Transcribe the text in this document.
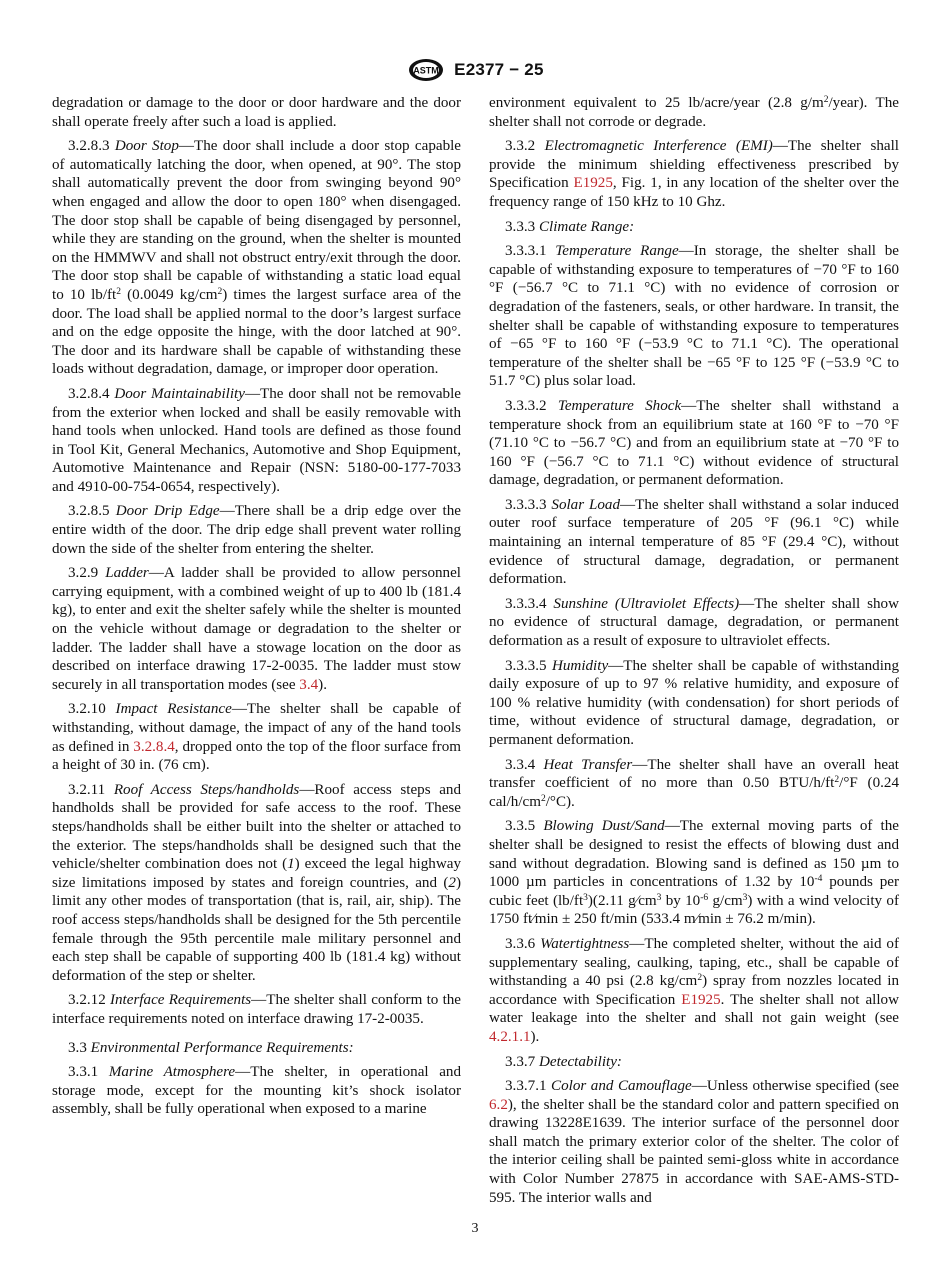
ASTM E2377 − 25

degradation or damage to the door or door hardware and the door shall operate freely after such a load is applied.

3.2.8.3 Door Stop—The door shall include a door stop capable of automatically latching the door, when opened, at 90°. The stop shall automatically prevent the door from swinging beyond 90° when engaged and allow the door to open 180° when disengaged. The door stop shall be capable of being disengaged by personnel, while they are standing on the ground, when the shelter is mounted on the HMMWV and shall not obstruct entry/exit through the door. The door stop shall be capable of withstanding a static load equal to 10 $lb/ft^2$ (0.0049 $kg/cm^2$) times the largest surface area of the door. The load shall be applied normal to the door’s largest surface and on the edge opposite the hinge, with the door latched at 90°. The door and its hardware shall be capable of withstanding these loads without degradation, damage, or improper door operation.

3.2.8.4 Door Maintainability—The door shall not be removable from the exterior when locked and shall be easily removable with hand tools when unlocked. Hand tools are defined as those found in Tool Kit, General Mechanics, Automotive and Shop Equipment, Automotive Maintenance and Repair (NSN: 5180-00-177-7033 and 4910-00-754-0654, respectively).

3.2.8.5 Door Drip Edge—There shall be a drip edge over the entire width of the door. The drip edge shall prevent water rolling down the side of the shelter from entering the shelter.

3.2.9 Ladder—A ladder shall be provided to allow personnel carrying equipment, with a combined weight of up to 400 lb (181.4 kg), to enter and exit the shelter safely while the shelter is mounted on the vehicle without damage or degradation to the shelter or ladder. The ladder shall have a stowage location on the door as described on interface drawing 17-2-0035. The ladder must stow securely in all transportation modes (see 3.4).

3.2.10 Impact Resistance—The shelter shall be capable of withstanding, without damage, the impact of any of the hand tools as defined in 3.2.8.4, dropped onto the top of the floor surface from a height of 30 in. (76 cm).

3.2.11 Roof Access Steps/handholds—Roof access steps and handholds shall be provided for safe access to the roof. These steps/handholds shall be either built into the shelter or attached to the exterior. The steps/handholds shall be designed such that the vehicle/shelter combination does not (1) exceed the legal highway size limitations imposed by states and foreign countries, and (2) limit any other modes of transportation (that is, rail, air, ship). The roof access steps/handholds shall be designed for the 5th percentile female through the 95th percentile male military personnel and each step shall be capable of supporting 400 lb (181.4 kg) without deformation of the step or shelter.

3.2.12 Interface Requirements—The shelter shall conform to the interface requirements noted on interface drawing 17-2-0035.

3.3 Environmental Performance Requirements:

3.3.1 Marine Atmosphere—The shelter, in operational and storage mode, except for the mounting kit’s shock isolator assembly, shall be fully operational when exposed to a marine

environment equivalent to 25 lb/acre/year (2.8 $g/m^2/year$). The shelter shall not corrode or degrade.

3.3.2 Electromagnetic Interference (EMI)—The shelter shall provide the minimum shielding effectiveness prescribed by Specification E1925, Fig. 1, in any location of the shelter over the frequency range of 150 kHz to 10 Ghz.

3.3.3 Climate Range:

3.3.3.1 Temperature Range—In storage, the shelter shall be capable of withstanding exposure to temperatures of −70 °F to 160 °F (−56.7 °C to 71.1 °C) with no evidence of corrosion or degradation of the fasteners, seals, or other hardware. In transit, the shelter shall be capable of withstanding exposure to temperatures of −65 °F to 160 °F (−53.9 °C to 71.1 °C). The operational temperature of the shelter shall be −65 °F to 125 °F (−53.9 °C to 51.7 °C) plus solar load.

3.3.3.2 Temperature Shock—The shelter shall withstand a temperature shock from an equilibrium state at 160 °F to −70 °F (71.10 °C to −56.7 °C) and from an equilibrium state at −70 °F to 160 °F (−56.7 °C to 71.1 °C) without evidence of structural damage, degradation, or permanent deformation.

3.3.3.3 Solar Load—The shelter shall withstand a solar induced outer roof surface temperature of 205 °F (96.1 °C) while maintaining an internal temperature of 85 °F (29.4 °C), without evidence of structural damage, degradation, or permanent deformation.

3.3.3.4 Sunshine (Ultraviolet Effects)—The shelter shall show no evidence of structural damage, degradation, or permanent deformation as a result of exposure to ultraviolet effects.

3.3.3.5 Humidity—The shelter shall be capable of withstanding daily exposure of up to 97 % relative humidity, and exposure of 100 % relative humidity (with condensation) for short periods of time, without evidence of structural damage, degradation, or permanent deformation.

3.3.4 Heat Transfer—The shelter shall have an overall heat transfer coefficient of no more than 0.50 BTU/$h/ft^2/^\circ F$ (0.24 cal/$h/cm^2/^\circ C$).

3.3.5 Blowing Dust/Sand—The external moving parts of the shelter shall be designed to resist the effects of blowing dust and sand without degradation. Blowing sand is defined as 150 µm to 1000 µm particles in concentrations of 1.32 by $10^{-4}$ pounds per cubic feet $(lb/ft^3)(2.11$ $g⁄cm^3$ by $10^{-6}$ $g/cm^3$) with a wind velocity of 1750 ft⁄min ± 250 ft/min (533.4 m⁄min ± 76.2 m/min).

3.3.6 Watertightness—The completed shelter, without the aid of supplementary sealing, caulking, taping, etc., shall be capable of withstanding a 40 psi (2.8 $kg/cm^2$) spray from nozzles located in accordance with Specification E1925. The shelter shall not allow water leakage into the shelter and shall not gain weight (see 4.2.1.1).

3.3.7 Detectability:

3.3.7.1 Color and Camouflage—Unless otherwise specified (see 6.2), the shelter shall be the standard color and pattern specified on drawing 13228E1639. The interior surface of the personnel door shall match the primary exterior color of the shelter. The color of the interior ceiling shall be painted semi-gloss white in accordance with Color Number 27875 in accordance with SAE-AMS-STD-595. The interior walls and

3
